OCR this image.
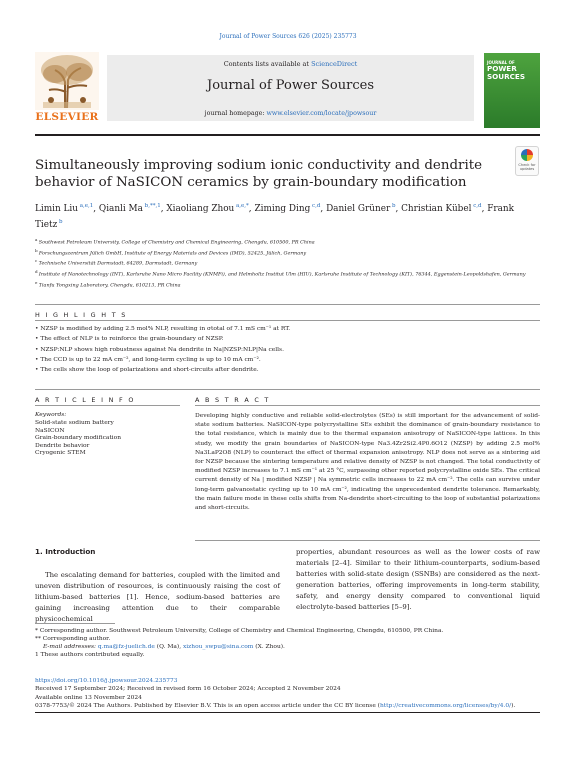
Journal of Power Sources 626 (2025) 235773
ELSEVIER
Contents lists available at ScienceDirect
Journal of Power Sources
journal homepage: www.elsevier.com/locate/jpowsour
JOURNAL OF
POWER
SOURCES
Check for updates
Simultaneously improving sodium ionic conductivity and dendrite behavior of NaSICON ceramics by grain-boundary modification
Limin Liu $^{a,e,1}$, Qianli Ma $^{b,**,1}$, Xiaoliang Zhou $^{a,e,*}$, Ziming Ding $^{c,d}$, Daniel Grüner $^b$, Christian Kübel $^{c,d}$, Frank Tietz $^b$
$^a$ Southwest Petroleum University, College of Chemistry and Chemical Engineering, Chengdu, 610500, PR China
$^b$ Forschungszentrum Jülich GmbH, Institute of Energy Materials and Devices (IMD), 52425, Jülich, Germany
$^c$ Technische Universität Darmstadt, 64289, Darmstadt, Germany
$^d$ Institute of Nanotechnology (INT), Karlsruhe Nano Micro Facility (KNMFi), and Helmholtz Institut Ulm (HIU), Karlsruhe Institute of Technology (KIT), 76344, Eggenstein-Leopoldshafen, Germany
$^e$ Tianfu Yongxing Laboratory, Chengdu, 610213, PR China
H I G H L I G H T S
• NZSP is modified by adding 2.5 mol% NLP, resulting in σtotal of 7.1 mS cm⁻¹ at RT.
• The effect of NLP is to reinforce the grain-boundary of NZSP.
• NZSP:NLP shows high robustness against Na dendrite in Na|NZSP:NLP|Na cells.
• The CCD is up to 22 mA cm⁻², and long-term cycling is up to 10 mA cm⁻².
• The cells show the loop of polarizations and short-circuits after dendrite.
A R T I C L E I N F O
Keywords:
Solid-state sodium battery
NaSICON
Grain-boundary modification
Dendrite behavior
Cryogenic STEM
A B S T R A C T
Developing highly conductive and reliable solid-electrolytes (SEs) is still important for the advancement of solid-state sodium batteries. NaSICON-type polycrystalline SEs exhibit the dominance of grain-boundary resistance to the total resistance, which is mainly due to the thermal expansion anisotropy of NaSICON-type lattices. In this study, we modify the grain boundaries of NaSICON-type Na3.4Zr2Si2.4P0.6O12 (NZSP) by adding 2.5 mol% Na3LaP2O8 (NLP) to counteract the effect of thermal expansion anisotropy. NLP does not serve as a sintering aid for NZSP because the sintering temperature and relative density of NZSP is not changed. The total conductivity of modified NZSP increases to 7.1 mS cm⁻¹ at 25 °C, surpassing other reported polycrystalline oxide SEs. The critical current density of Na | modified NZSP | Na symmetric cells increases to 22 mA cm⁻². The cells can survive under long-term galvanostatic cycling up to 10 mA cm⁻², indicating the unprecedented dendrite tolerance. Remarkably, the main failure mode in these cells shifts from Na-dendrite short-circuiting to the loop of substantial polarizations and short-circuits.
1. Introduction
The escalating demand for batteries, coupled with the limited and uneven distribution of resources, is continuously raising the cost of lithium-based batteries [1]. Hence, sodium-based batteries are gaining increasing attention due to their comparable physicochemical
properties, abundant resources as well as the lower costs of raw materials [2–4]. Similar to their lithium-counterparts, sodium-based batteries with solid-state design (SSNBs) are considered as the next-generation batteries, offering improvements in long-term stability, safety, and energy density compared to conventional liquid electrolyte-based batteries [5–9].
* Corresponding author. Southwest Petroleum University, College of Chemistry and Chemical Engineering, Chengdu, 610500, PR China.
** Corresponding author.
E-mail addresses: q.ma@fz-juelich.de (Q. Ma), xizhou_swpu@sina.com (X. Zhou).
1 These authors contributed equally.
https://doi.org/10.1016/j.jpowsour.2024.235773
Received 17 September 2024; Received in revised form 16 October 2024; Accepted 2 November 2024
Available online 13 November 2024
0378-7753/© 2024 The Authors. Published by Elsevier B.V. This is an open access article under the CC BY license (http://creativecommons.org/licenses/by/4.0/).
